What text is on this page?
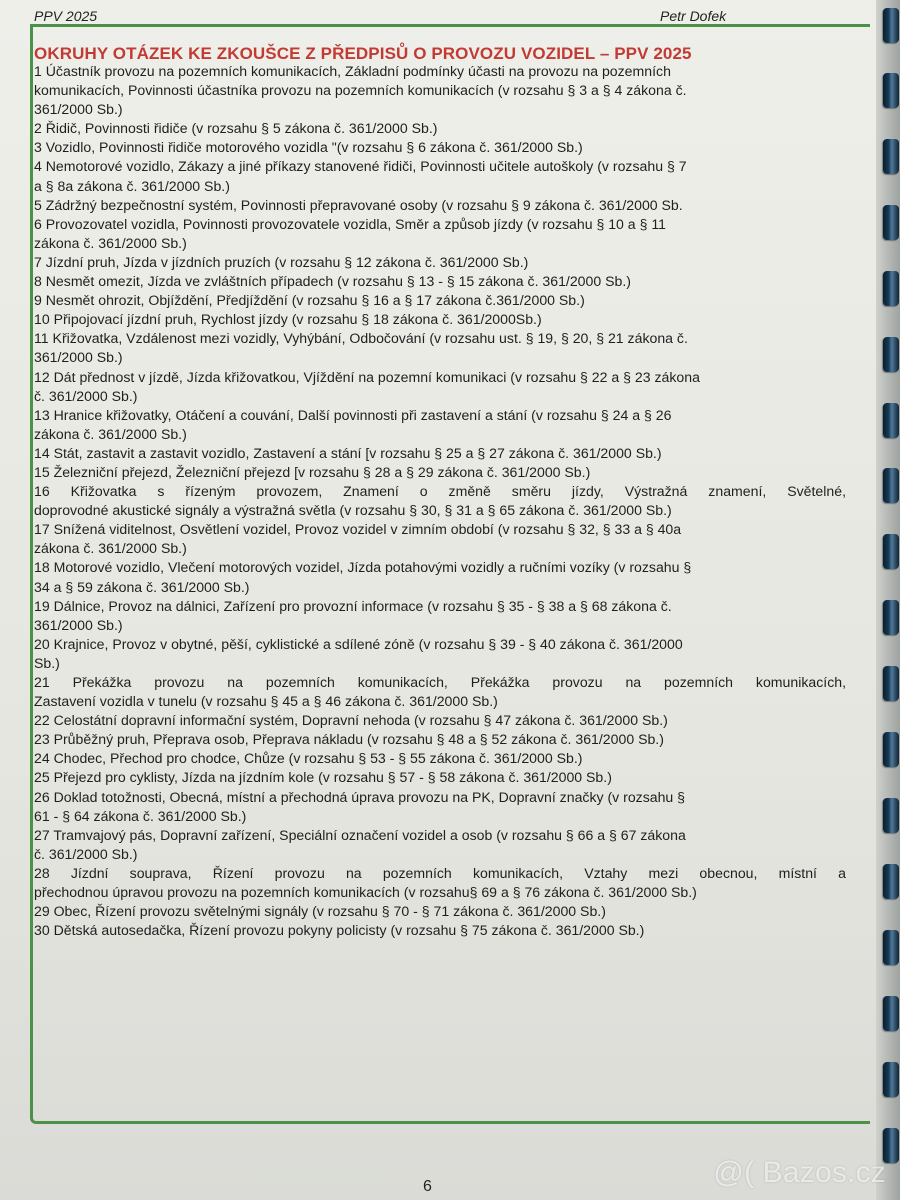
PPV 2025	Petr Dofek
OKRUHY OTÁZEK KE ZKOUŠCE Z PŘEDPISŮ O PROVOZU VOZIDEL – PPV 2025
1 Účastník provozu na pozemních komunikacích, Základní podmínky účasti na provozu na pozemních
komunikacích, Povinnosti účastníka provozu na pozemních komunikacích (v rozsahu § 3 a § 4 zákona č.
361/2000 Sb.)
2 Řidič, Povinnosti řidiče (v rozsahu § 5 zákona č. 361/2000 Sb.)
3 Vozidlo, Povinnosti řidiče motorového vozidla "(v rozsahu § 6 zákona č. 361/2000 Sb.)
4 Nemotorové vozidlo, Zákazy a jiné příkazy stanovené řidiči, Povinnosti učitele autoškoly (v rozsahu § 7
a § 8a zákona č. 361/2000 Sb.)
5 Zádržný bezpečnostní systém, Povinnosti přepravované osoby (v rozsahu § 9 zákona č. 361/2000 Sb.
6 Provozovatel vozidla, Povinnosti provozovatele vozidla, Směr a způsob jízdy (v rozsahu § 10 a § 11
zákona č. 361/2000 Sb.)
7 Jízdní pruh, Jízda v jízdních pruzích (v rozsahu § 12 zákona č. 361/2000 Sb.)
8 Nesmět omezit, Jízda ve zvláštních případech (v rozsahu § 13 - § 15 zákona č. 361/2000 Sb.)
9 Nesmět ohrozit, Objíždění, Předjíždění (v rozsahu § 16 a § 17 zákona č.361/2000 Sb.)
10 Připojovací jízdní pruh, Rychlost jízdy (v rozsahu § 18 zákona č. 361/2000Sb.)
11 Křižovatka, Vzdálenost mezi vozidly, Vyhýbání, Odbočování (v rozsahu ust. § 19, § 20, § 21 zákona č.
361/2000 Sb.)
12 Dát přednost v jízdě, Jízda křižovatkou, Vjíždění na pozemní komunikaci (v rozsahu § 22 a § 23 zákona
č. 361/2000 Sb.)
13 Hranice křižovatky, Otáčení a couvání, Další povinnosti při zastavení a stání (v rozsahu § 24 a § 26
zákona č. 361/2000 Sb.)
14 Stát, zastavit a zastavit vozidlo, Zastavení a stání [v rozsahu § 25 a § 27 zákona č. 361/2000 Sb.)
15 Železniční přejezd, Železniční přejezd [v rozsahu § 28 a § 29 zákona č. 361/2000 Sb.)
16 Křižovatka s řízeným provozem, Znamení o změně směru jízdy, Výstražná znamení, Světelné,
doprovodné akustické signály a výstražná světla (v rozsahu § 30, § 31 a § 65 zákona č. 361/2000 Sb.)
17 Snížená viditelnost, Osvětlení vozidel, Provoz vozidel v zimním období (v rozsahu § 32, § 33 a § 40a
zákona č. 361/2000 Sb.)
18 Motorové vozidlo, Vlečení motorových vozidel, Jízda potahovými vozidly a ručními vozíky (v rozsahu §
34 a § 59 zákona č. 361/2000 Sb.)
19 Dálnice, Provoz na dálnici, Zařízení pro provozní informace (v rozsahu § 35 - § 38 a § 68 zákona č.
361/2000 Sb.)
20 Krajnice, Provoz v obytné, pěší, cyklistické a sdílené zóně (v rozsahu § 39 - § 40 zákona č. 361/2000
Sb.)
21 Překážka provozu na pozemních komunikacích, Překážka provozu na pozemních komunikacích,
Zastavení vozidla v tunelu (v rozsahu § 45 a § 46 zákona č. 361/2000 Sb.)
22 Celostátní dopravní informační systém, Dopravní nehoda (v rozsahu § 47 zákona č. 361/2000 Sb.)
23 Průběžný pruh, Přeprava osob, Přeprava nákladu (v rozsahu § 48 a § 52 zákona č. 361/2000 Sb.)
24 Chodec, Přechod pro chodce, Chůze (v rozsahu § 53 - § 55 zákona č. 361/2000 Sb.)
25 Přejezd pro cyklisty, Jízda na jízdním kole (v rozsahu § 57 - § 58 zákona č. 361/2000 Sb.)
26 Doklad totožnosti, Obecná, místní a přechodná úprava provozu na PK, Dopravní značky (v rozsahu §
61 - § 64 zákona č. 361/2000 Sb.)
27 Tramvajový pás, Dopravní zařízení, Speciální označení vozidel a osob (v rozsahu § 66 a § 67 zákona
č. 361/2000 Sb.)
28 Jízdní souprava, Řízení provozu na pozemních komunikacích, Vztahy mezi obecnou, místní a
přechodnou úpravou provozu na pozemních komunikacích (v rozsahu§ 69 a § 76 zákona č. 361/2000 Sb.)
29 Obec, Řízení provozu světelnými signály (v rozsahu § 70 - § 71 zákona č. 361/2000 Sb.)
30 Dětská autosedačka, Řízení provozu pokyny policisty (v rozsahu § 75 zákona č. 361/2000 Sb.)
6	@( Bazos.cz
